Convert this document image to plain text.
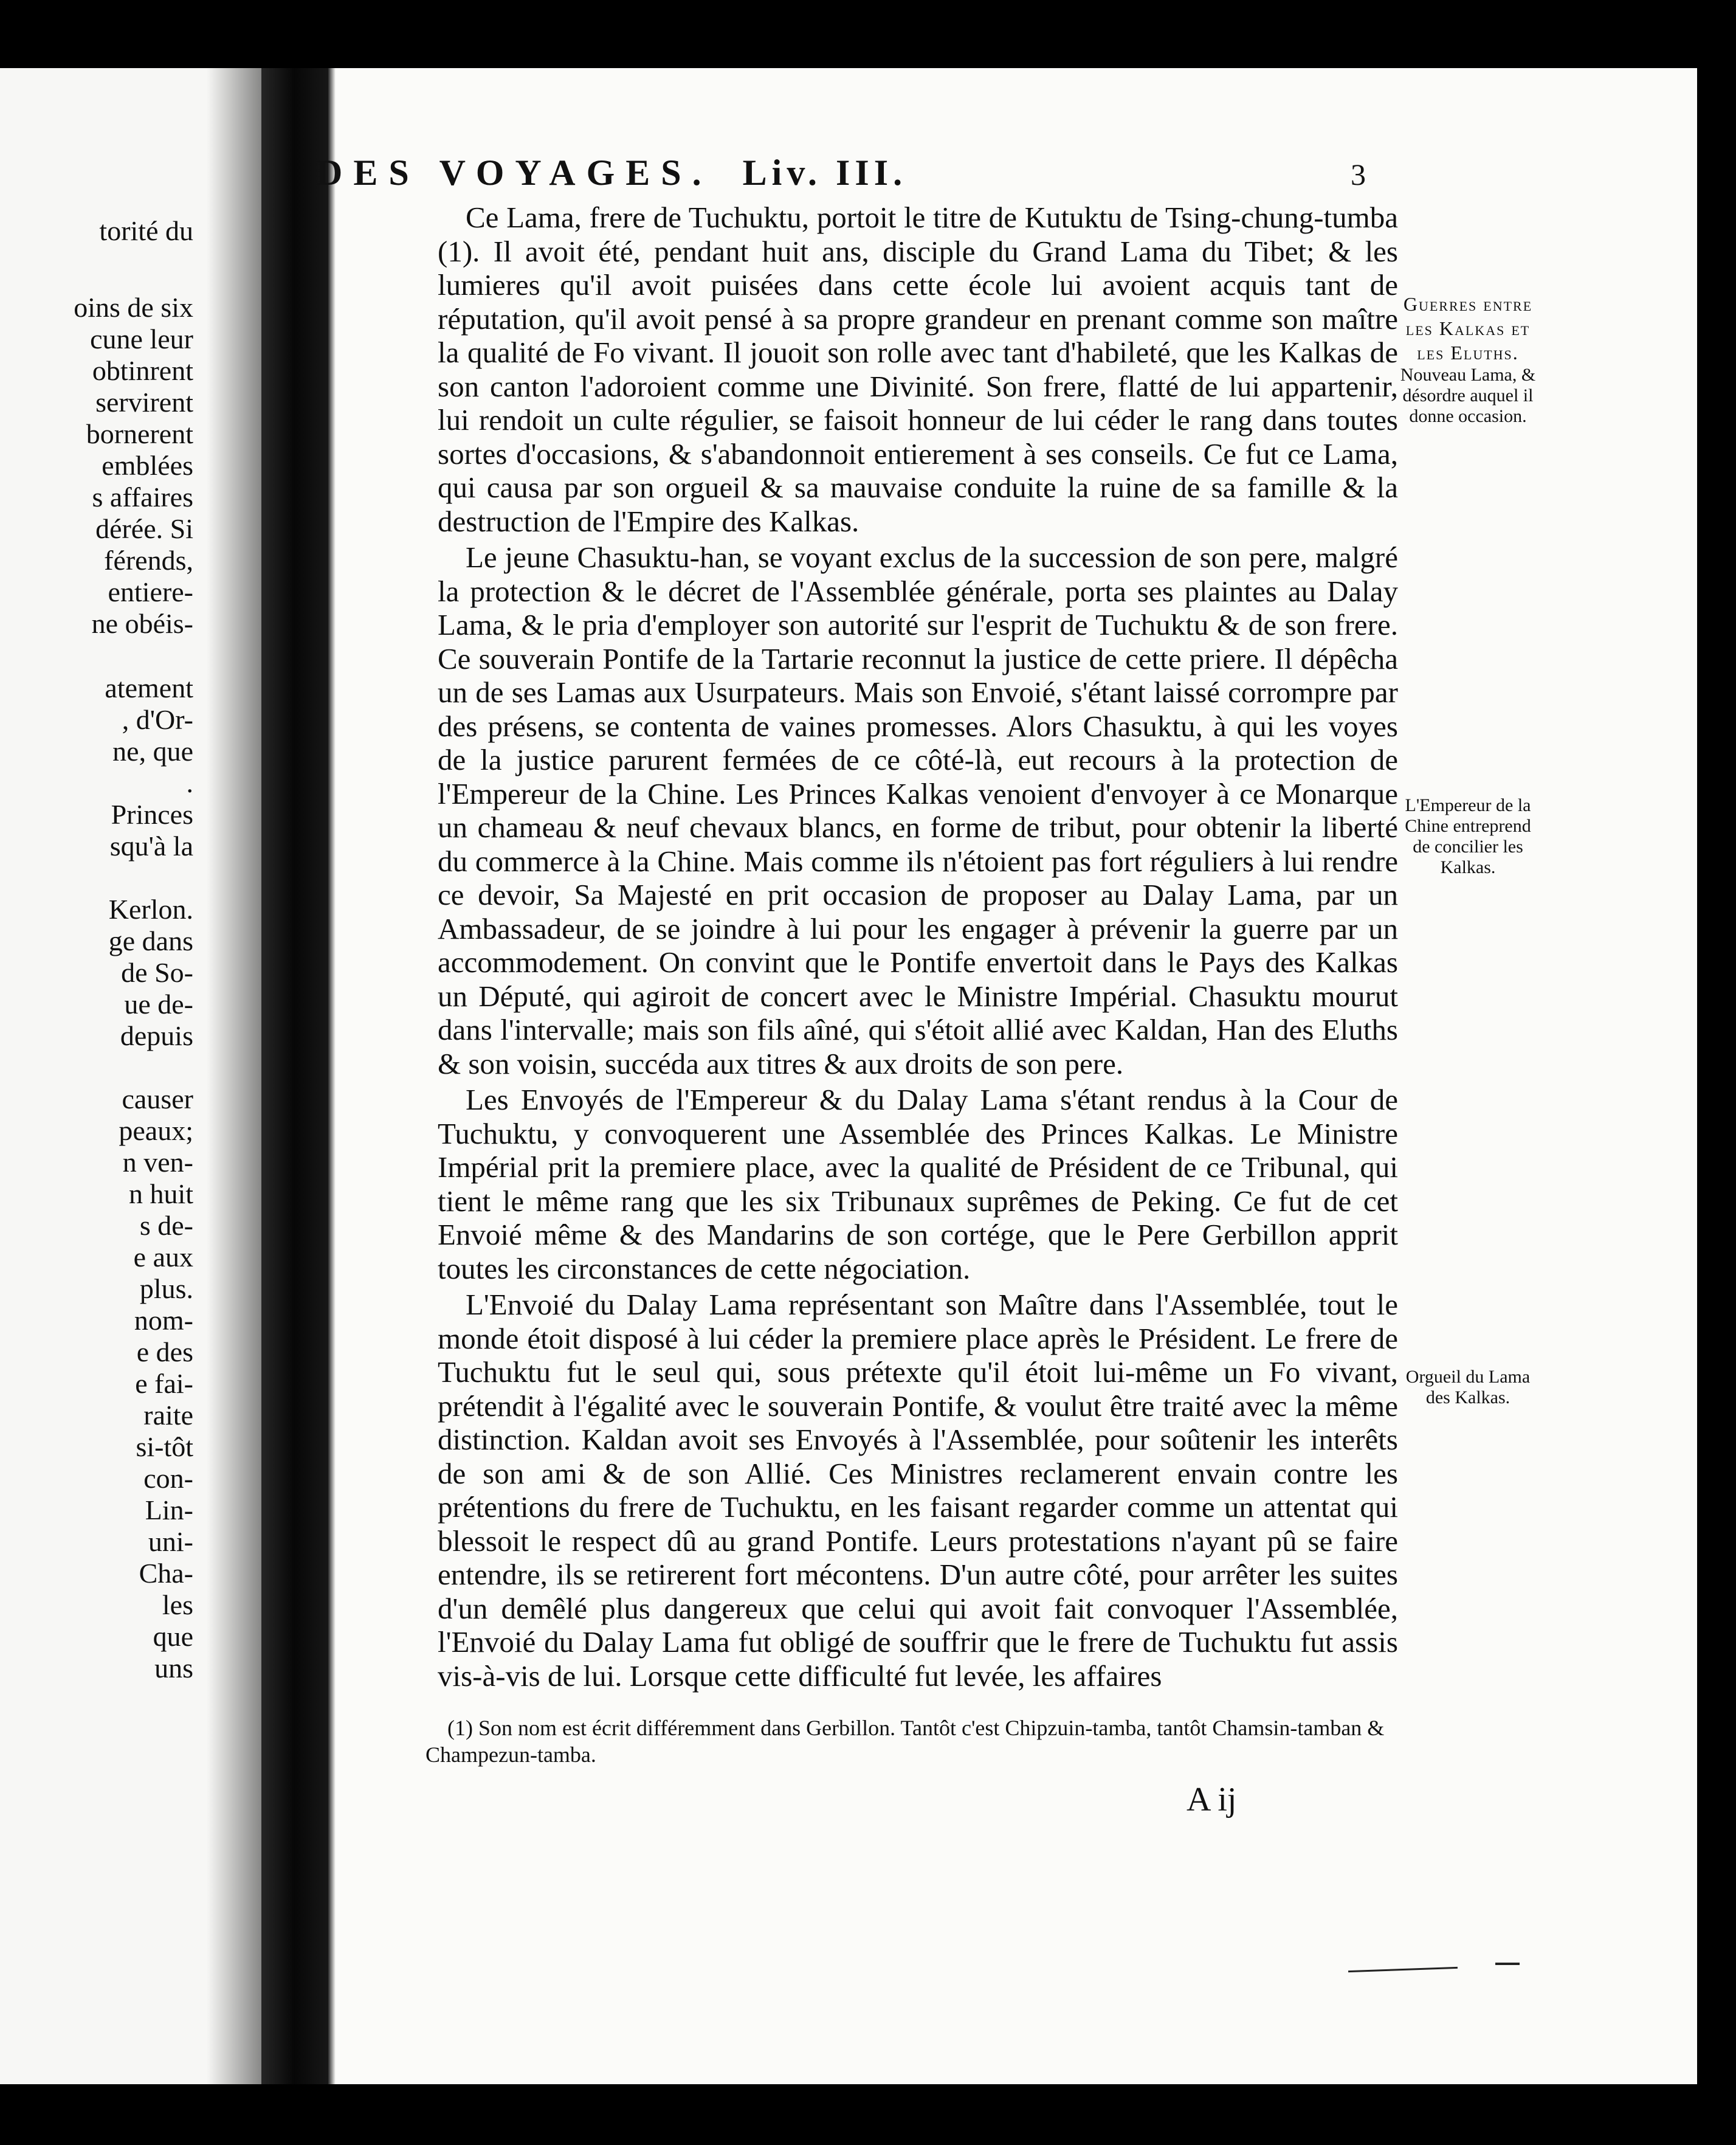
torité du
oins de six
cune leur
obtinrent
servirent
bornerent
emblées
s affaires
dérée. Si
férends,
entiere-
ne obéis-
atement
, d'Or-
ne, que
.
Princes
squ'à la
Kerlon.
ge dans
de So-
ue de-
depuis
causer
peaux;
n ven-
n huit
s de-
e aux
plus.
nom-
e des
e fai-
raite
si-tôt
con-
Lin-
uni-
Cha-
les
que
uns
DES VOYAGES. Liv. III.	3

Ce Lama, frere de Tuchuktu, portoit le titre de Kutuktu de Tsing-chung-tumba (1). Il avoit été, pendant huit ans, disciple du Grand Lama du Tibet; & les lumieres qu'il avoit puisées dans cette école lui avoient acquis tant de réputation, qu'il avoit pensé à sa propre grandeur en prenant comme son maître la qualité de Fo vivant. Il jouoit son rolle avec tant d'habileté, que les Kalkas de son canton l'adoroient comme une Divinité. Son frere, flatté de lui appartenir, lui rendoit un culte régulier, se faisoit honneur de lui céder le rang dans toutes sortes d'occasions, & s'abandonnoit entierement à ses conseils. Ce fut ce Lama, qui causa par son orgueil & sa mauvaise conduite la ruine de sa famille & la destruction de l'Empire des Kalkas.

Le jeune Chasuktu-han, se voyant exclus de la succession de son pere, malgré la protection & le décret de l'Assemblée générale, porta ses plaintes au Dalay Lama, & le pria d'employer son autorité sur l'esprit de Tuchuktu & de son frere. Ce souverain Pontife de la Tartarie reconnut la justice de cette priere. Il dépêcha un de ses Lamas aux Usurpateurs. Mais son Envoié, s'étant laissé corrompre par des présens, se contenta de vaines promesses. Alors Chasuktu, à qui les voyes de la justice parurent fermées de ce côté-là, eut recours à la protection de l'Empereur de la Chine. Les Princes Kalkas venoient d'envoyer à ce Monarque un chameau & neuf chevaux blancs, en forme de tribut, pour obtenir la liberté du commerce à la Chine. Mais comme ils n'étoient pas fort réguliers à lui rendre ce devoir, Sa Majesté en prit occasion de proposer au Dalay Lama, par un Ambassadeur, de se joindre à lui pour les engager à prévenir la guerre par un accommodement. On convint que le Pontife envertoit dans le Pays des Kalkas un Député, qui agiroit de concert avec le Ministre Impérial. Chasuktu mourut dans l'intervalle; mais son fils aîné, qui s'étoit allié avec Kaldan, Han des Eluths & son voisin, succéda aux titres & aux droits de son pere.

Les Envoyés de l'Empereur & du Dalay Lama s'étant rendus à la Cour de Tuchuktu, y convoquerent une Assemblée des Princes Kalkas. Le Ministre Impérial prit la premiere place, avec la qualité de Président de ce Tribunal, qui tient le même rang que les six Tribunaux suprêmes de Peking. Ce fut de cet Envoié même & des Mandarins de son cortége, que le Pere Gerbillon apprit toutes les circonstances de cette négociation.

L'Envoié du Dalay Lama représentant son Maître dans l'Assemblée, tout le monde étoit disposé à lui céder la premiere place après le Président. Le frere de Tuchuktu fut le seul qui, sous prétexte qu'il étoit lui-même un Fo vivant, prétendit à l'égalité avec le souverain Pontife, & voulut être traité avec la même distinction. Kaldan avoit ses Envoyés à l'Assemblée, pour soûtenir les interêts de son ami & de son Allié. Ces Ministres reclamerent envain contre les prétentions du frere de Tuchuktu, en les faisant regarder comme un attentat qui blessoit le respect dû au grand Pontife. Leurs protestations n'ayant pû se faire entendre, ils se retirerent fort mécontens. D'un autre côté, pour arrêter les suites d'un demêlé plus dangereux que celui qui avoit fait convoquer l'Assemblée, l'Envoié du Dalay Lama fut obligé de souffrir que le frere de Tuchuktu fut assis vis-à-vis de lui. Lorsque cette difficulté fut levée, les affaires

Guerres entre les Kalkas et les Eluths.
Nouveau Lama, & désordre auquel il donne occasion.
L'Empereur de la Chine entreprend de concilier les Kalkas.
Orgueil du Lama des Kalkas.
(1) Son nom est écrit différemment dans Gerbillon. Tantôt c'est Chipzuin-tamba, tantôt Chamsin-tamban & Champezun-tamba.
A ij
